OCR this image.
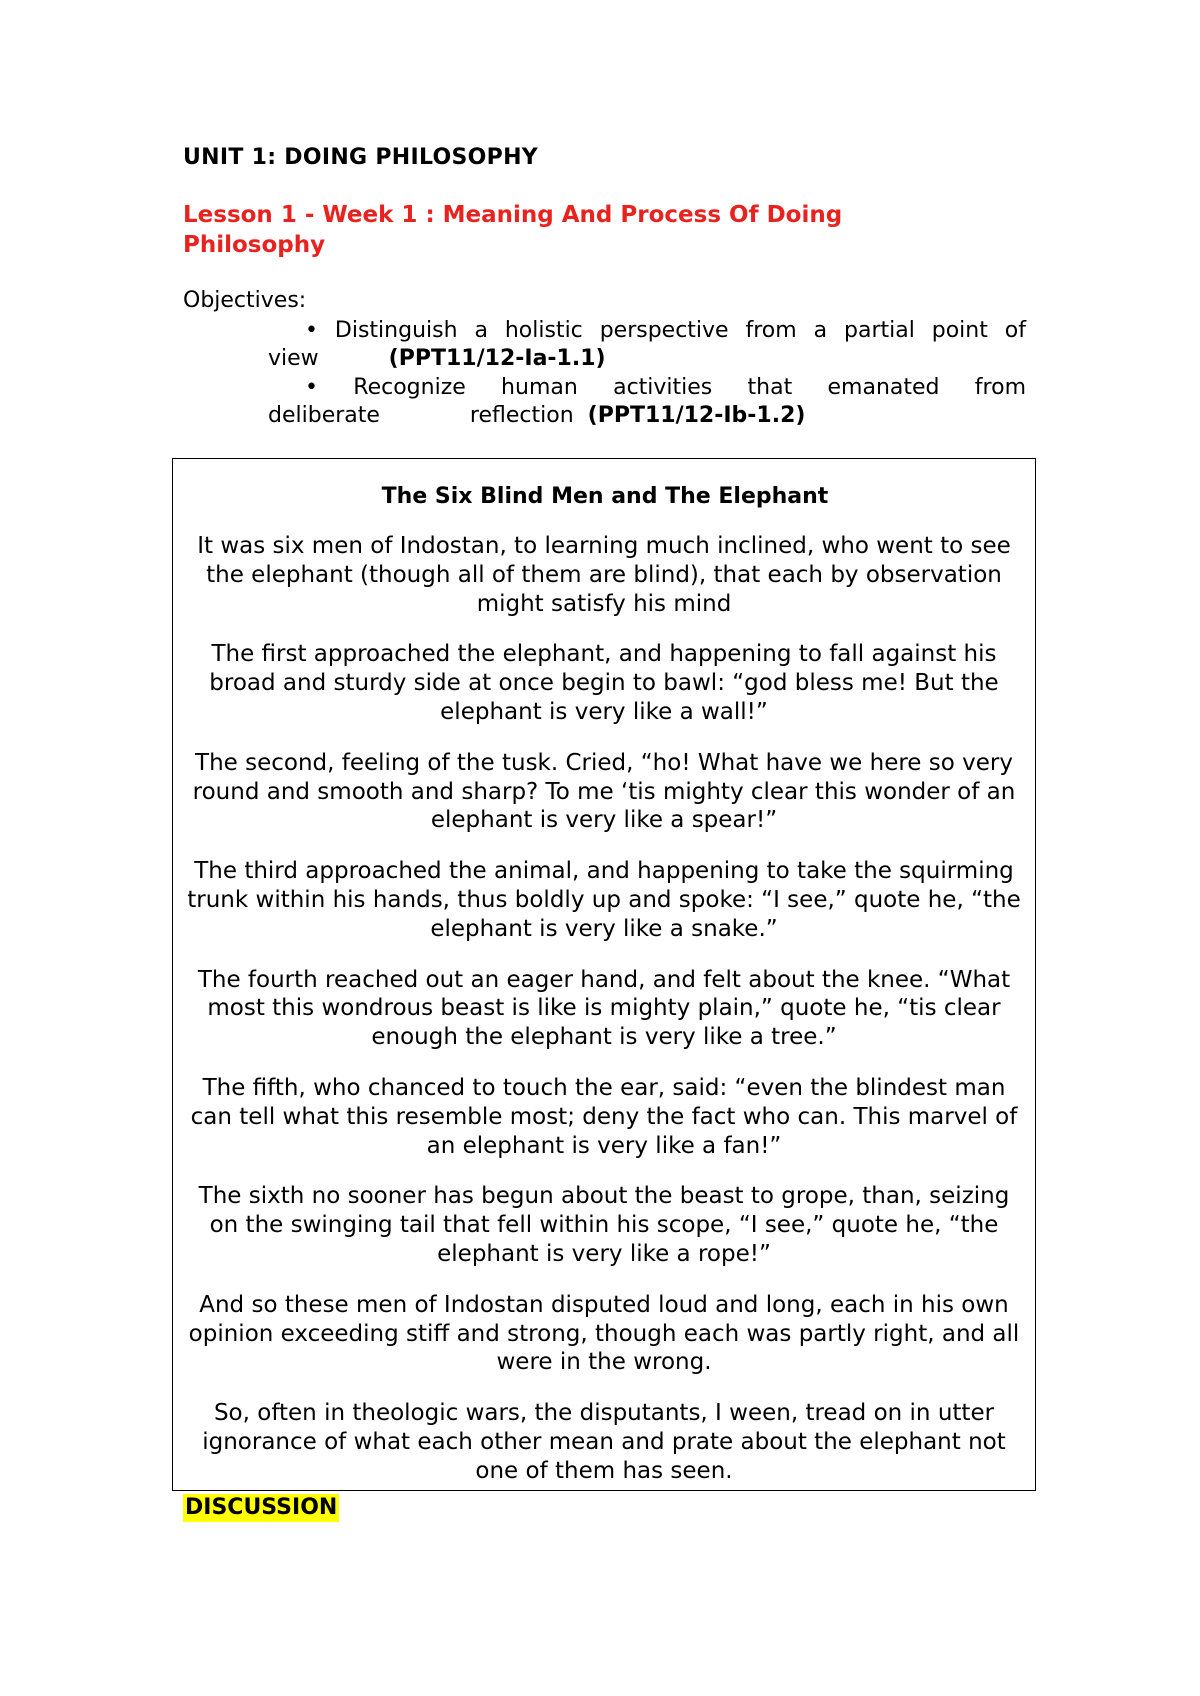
UNIT 1: DOING PHILOSOPHY
Lesson 1 - Week 1 : Meaning And Process Of Doing Philosophy
Objectives:
• Distinguish a holistic perspective from a partial point of
view	(PPT11/12-Ia-1.1)
• Recognize human activities that emanated from
deliberate	reflection (PPT11/12-Ib-1.2)
The Six Blind Men and The Elephant

It was six men of Indostan, to learning much inclined, who went to see the elephant (though all of them are blind), that each by observation might satisfy his mind

The first approached the elephant, and happening to fall against his broad and sturdy side at once begin to bawl: “god bless me! But the elephant is very like a wall!”

The second, feeling of the tusk. Cried, “ho! What have we here so very round and smooth and sharp? To me ‘tis mighty clear this wonder of an elephant is very like a spear!”

The third approached the animal, and happening to take the squirming trunk within his hands, thus boldly up and spoke: “I see,” quote he, “the elephant is very like a snake.”

The fourth reached out an eager hand, and felt about the knee. “What most this wondrous beast is like is mighty plain,” quote he, “tis clear enough the elephant is very like a tree.”

The fifth, who chanced to touch the ear, said: “even the blindest man can tell what this resemble most; deny the fact who can. This marvel of an elephant is very like a fan!”

The sixth no sooner has begun about the beast to grope, than, seizing on the swinging tail that fell within his scope, “I see,” quote he, “the elephant is very like a rope!”

And so these men of Indostan disputed loud and long, each in his own opinion exceeding stiff and strong, though each was partly right, and all were in the wrong.

So, often in theologic wars, the disputants, I ween, tread on in utter ignorance of what each other mean and prate about the elephant not one of them has seen.

DISCUSSION
